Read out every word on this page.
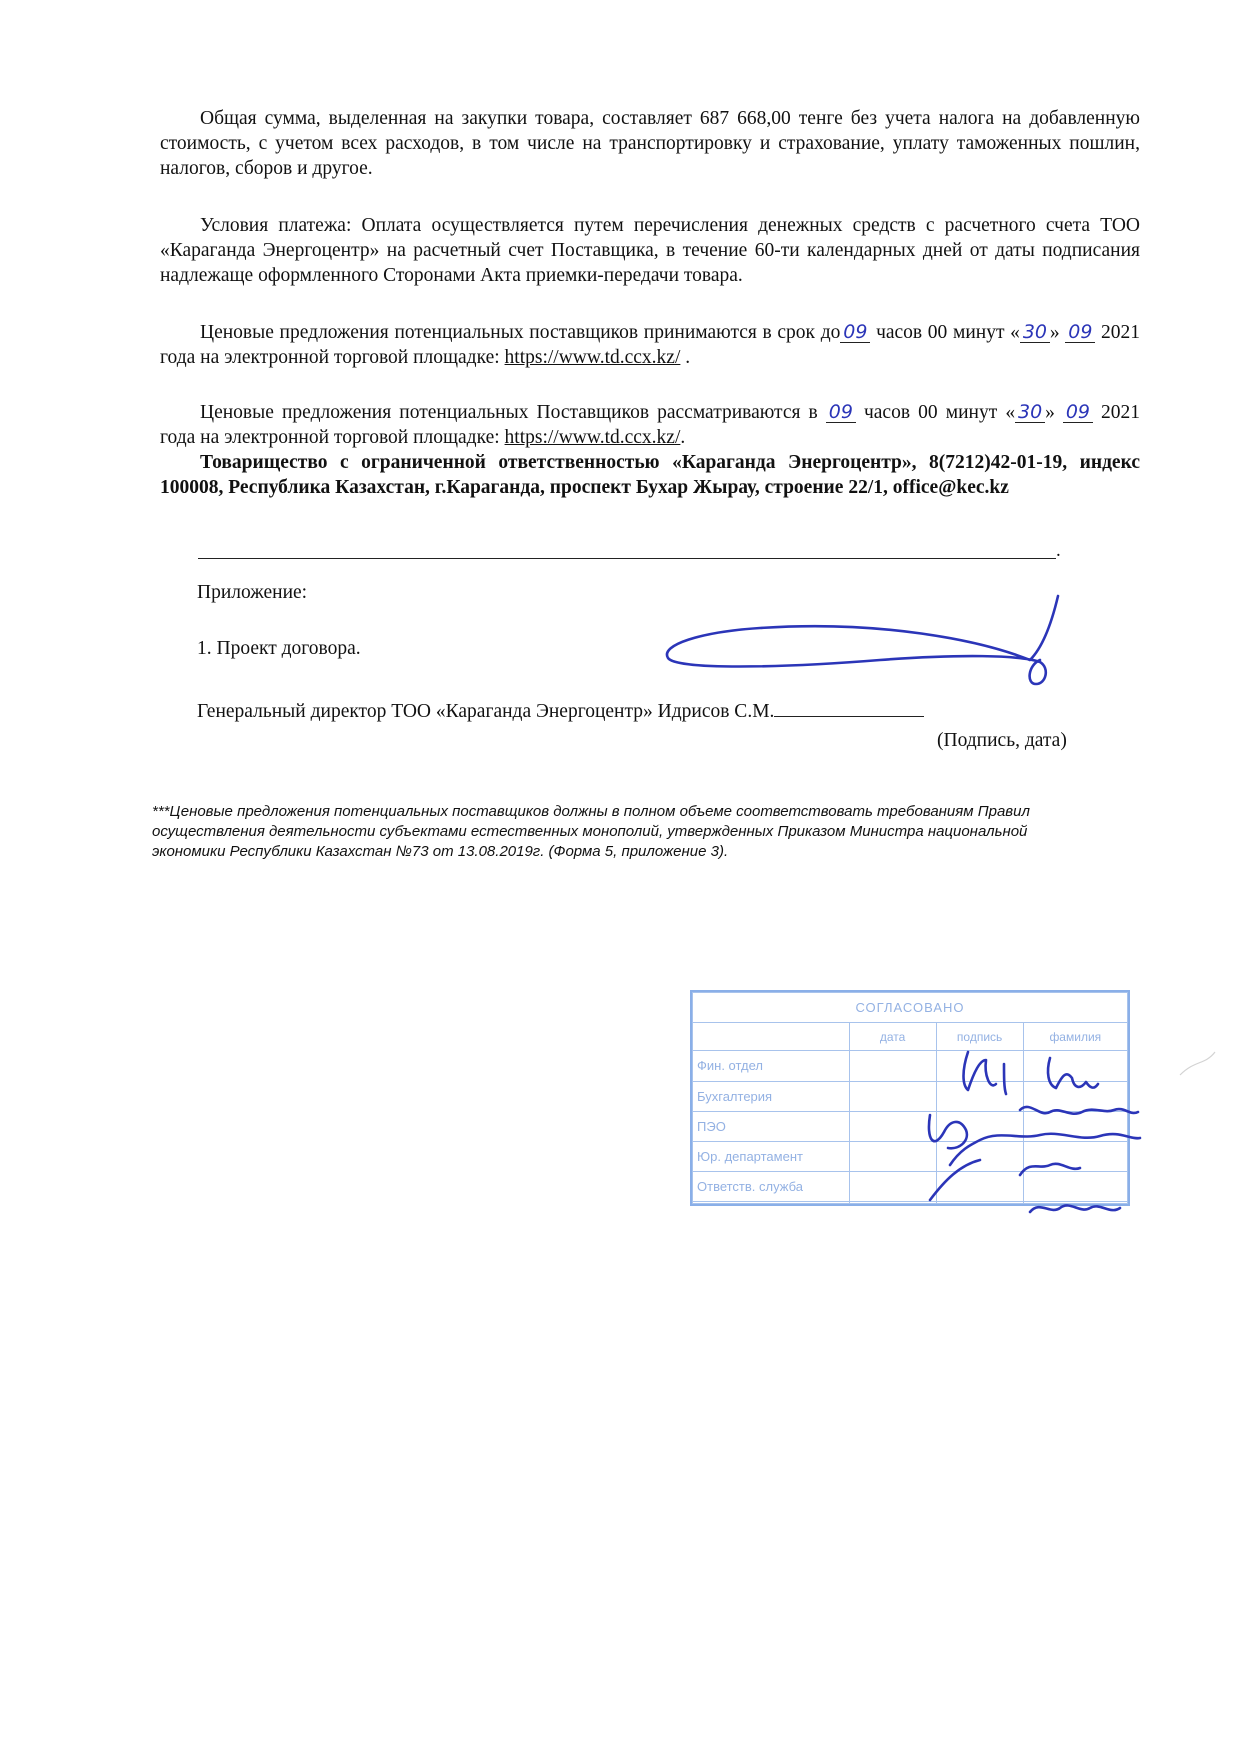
Общая сумма, выделенная на закупки товара, составляет 687 668,00 тенге без учета налога на добавленную стоимость, с учетом всех расходов, в том числе на транспортировку и страхование, уплату таможенных пошлин, налогов, сборов и другое.
Условия платежа: Оплата осуществляется путем перечисления денежных средств с расчетного счета ТОО «Караганда Энергоцентр» на расчетный счет Поставщика, в течение 60-ти календарных дней от даты подписания надлежаще оформленного Сторонами Акта приемки-передачи товара.
Ценовые предложения потенциальных поставщиков принимаются в срок до 09 часов 00 минут « 30 » 09 2021 года на электронной торговой площадке: https://www.td.ccx.kz/ .
Ценовые предложения потенциальных Поставщиков рассматриваются в 09 часов 00 минут « 30 » 09 2021 года на электронной торговой площадке: https://www.td.ccx.kz/.
Товарищество с ограниченной ответственностью «Караганда Энергоцентр», 8(7212)42-01-19, индекс 100008, Республика Казахстан, г.Караганда, проспект Бухар Жырау, строение 22/1, office@kec.kz
.
Приложение:
1. Проект договора.
Генеральный директор ТОО «Караганда Энергоцентр» Идрисов С.М.
(Подпись, дата)
***Ценовые предложения потенциальных поставщиков должны в полном объеме соответствовать требованиям Правил осуществления деятельности субъектами естественных монополий, утвержденных Приказом Министра национальной экономики Республики Казахстан №73 от 13.08.2019г. (Форма 5, приложение 3).
СОГЛАСОВАНО			
	дата	подпись	фамилия
Фин. отдел			
Бухгалтерия			
ПЭО			
Юр. департамент			
Ответств. служба			
